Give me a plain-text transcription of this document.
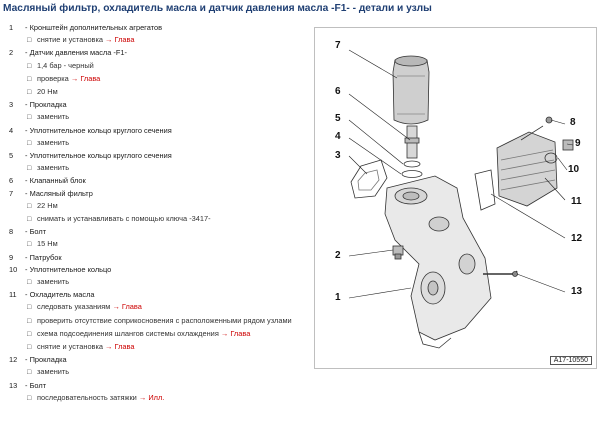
Масляный фильтр, охладитель масла и датчик давления масла -F1- - детали и узлы
1 - Кронштейн дополнительных агрегатов
□ снятие и установка → Глава
2 - Датчик давления масла -F1-
□ 1,4 бар - черный
□ проверка → Глава
□ 20 Нм
3 - Прокладка
□ заменить
4 - Уплотнительное кольцо круглого сечения
□ заменить
5 - Уплотнительное кольцо круглого сечения
□ заменить
6 - Клапанный блок
7 - Масляный фильтр
□ 22 Нм
□ снимать и устанавливать с помощью ключа -3417-
8 - Болт
□ 15 Нм
9 - Патрубок
10 - Уплотнительное кольцо
□ заменить
11 - Охладитель масла
□ следовать указаниям → Глава
□ проверить отсутствие соприкосновения с расположенными рядом узлами
□ схема подсоединения шлангов системы охлаждения → Глава
□ снятие и установка → Глава
12 - Прокладка
□ заменить
13 - Болт
□ последовательность затяжки → Илл.
7
6
5
4
3
2
1
8
9
10
11
12
13
A17-10550
